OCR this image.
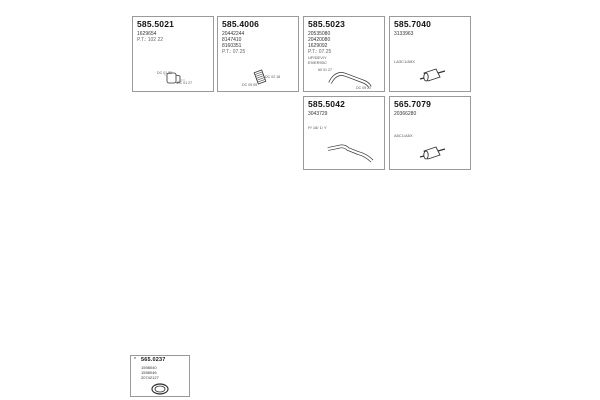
585.5021
1629654
P.T.: 102 22
DC 01 22
DC 01 27
585.4006
20442244
8147410
8160351
P.T.: 07.25
DC 02 18
DC 09 05
585.5023
20535080
20420080
1629092
P.T.: 07.25
UP/DEV/Y
E9/ER90C
60 01 27
DC 09 22
585.7040
3133963
LA3C1/A5X
585.5042
3043729
P/ 18/ 1/ Y
565.7079
20366280
A5C1/A5X
* 565.0237
1598040
1598046
20742127
